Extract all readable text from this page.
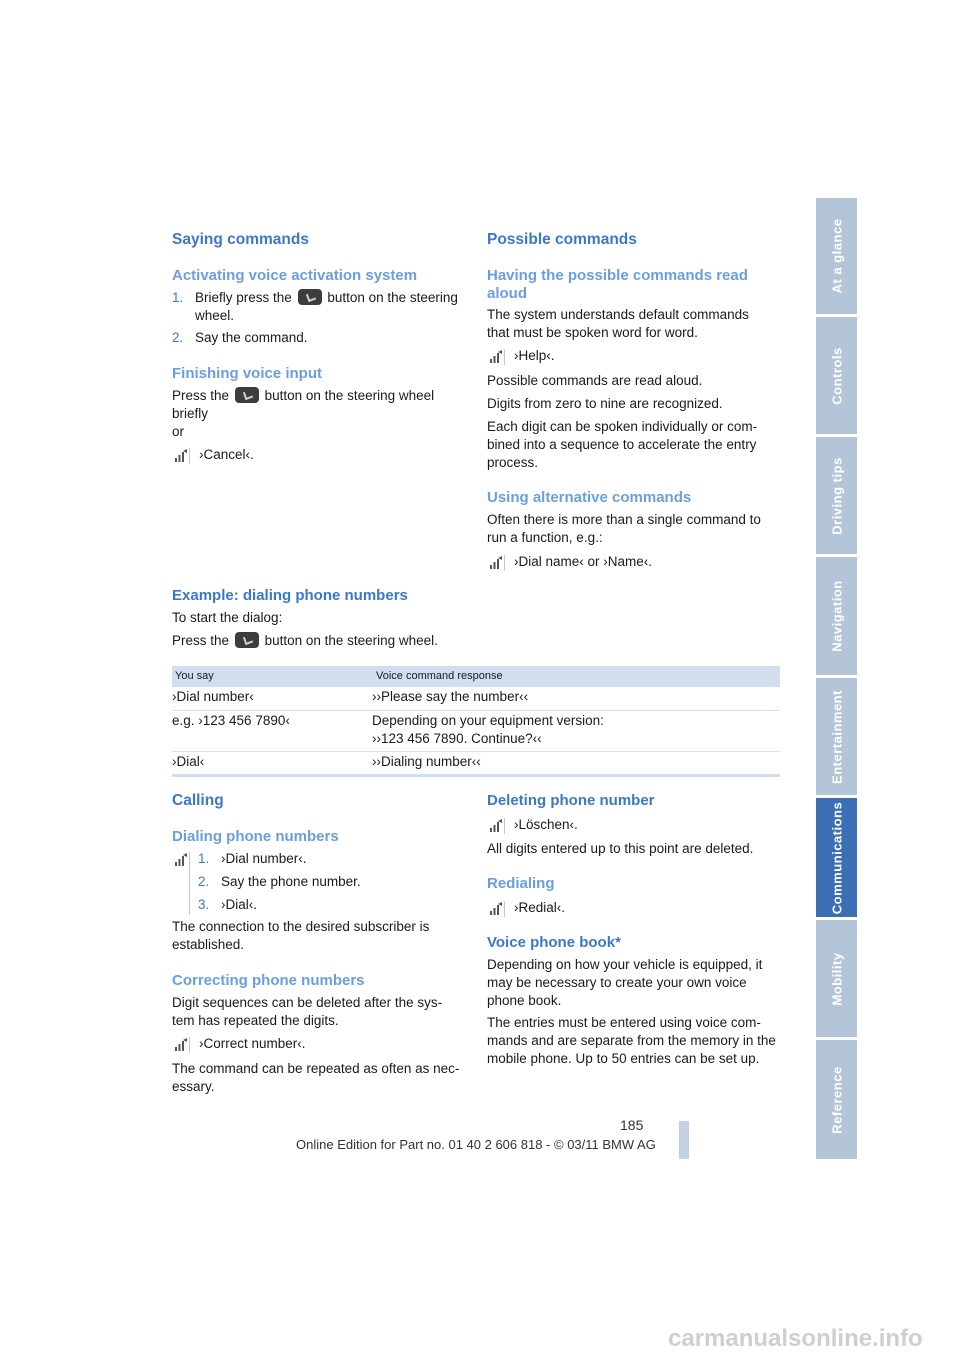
Saying commands
Activating voice activation system
1. Briefly press the	button on the steering
wheel.
2. Say the command.
Finishing voice input
Press the	button on the steering wheel
briefly
or
›Cancel‹.
Example: dialing phone numbers
To start the dialog:
Press the	button on the steering wheel.
Possible commands
Having the possible commands read
aloud
The system understands default commands
that must be spoken word for word.
›Help‹.
Possible commands are read aloud.
Digits from zero to nine are recognized.
Each digit can be spoken individually or com-
bined into a sequence to accelerate the entry
process.
Using alternative commands
Often there is more than a single command to
run a function, e.g.:
›Dial name‹ or ›Name‹.
You say	Voice command response
›Dial number‹	››Please say the number‹‹
e.g. ›123 456 7890‹	Depending on your equipment version:
››123 456 7890. Continue?‹‹
›Dial‹	››Dialing number‹‹
Calling
Dialing phone numbers
1. ›Dial number‹.
2. Say the phone number.
3. ›Dial‹.
The connection to the desired subscriber is
established.
Correcting phone numbers
Digit sequences can be deleted after the sys-
tem has repeated the digits.
›Correct number‹.
The command can be repeated as often as nec-
essary.
Deleting phone number
›Löschen‹.
All digits entered up to this point are deleted.
Redialing
›Redial‹.
Voice phone book*
Depending on how your vehicle is equipped, it
may be necessary to create your own voice
phone book.
The entries must be entered using voice com-
mands and are separate from the memory in the
mobile phone. Up to 50 entries can be set up.
185
Online Edition for Part no. 01 40 2 606 818 - © 03/11 BMW AG
At a glance
Controls
Driving tips
Navigation
Entertainment
Communications
Mobility
Reference
carmanualsonline.info
